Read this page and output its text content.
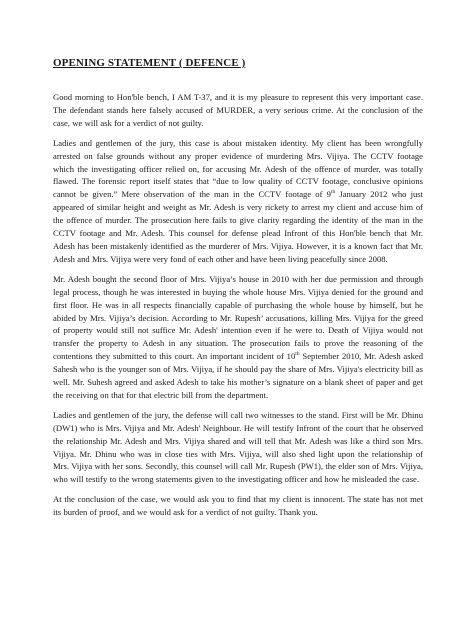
OPENING STATEMENT ( DEFENCE )

Good morning to Hon'ble bench, I AM T-37, and it is my pleasure to represent this very important case. The defendant stands here falsely accused of MURDER, a very serious crime. At the conclusion of the case, we will ask for a verdict of not guilty.

Ladies and gentlemen of the jury, this case is about mistaken identity. My client has been wrongfully arrested on false grounds without any proper evidence of murdering Mrs. Vijiya. The CCTV footage which the investigating officer relied on, for accusing Mr. Adesh of the offence of murder, was totally flawed. The forensic report itself states that “due to low quality of CCTV footage, conclusive opinions cannot be given.” Mere observation of the man in the CCTV footage of 9th January 2012 who just appeared of similar height and weight as Mr. Adesh is very rickety to arrest my client and accuse him of the offence of murder. The prosecution here fails to give clarity regarding the identity of the man in the CCTV footage and Mr. Adesh. This counsel for defense plead Infront of this Hon'ble bench that Mr. Adesh has been mistakenly identified as the murderer of Mrs. Vijiya. However, it is a known fact that Mr. Adesh and Mrs. Vijiya were very fond of each other and have been living peacefully since 2008.

Mr. Adesh bought the second floor of Mrs. Vijiya’s house in 2010 with her due permission and through legal process, though he was interested in buying the whole house Mrs. Vijiya denied for the ground and first floor. He was in all respects financially capable of purchasing the whole house by himself, but he abided by Mrs. Vijiya’s decision. According to Mr. Rupesh’ accusations, killing Mrs. Vijiya for the greed of property would still not suffice Mr. Adesh' intention even if he were to. Death of Vijiya would not transfer the property to Adesh in any situation. The prosecution fails to prove the reasoning of the contentions they submitted to this court. An important incident of 10th September 2010, Mr. Adesh asked Sahesh who is the younger son of Mrs. Vijiya, if he should pay the share of Mrs. Vijiya's electricity bill as well. Mr. Suhesh agreed and asked Adesh to take his mother’s signature on a blank sheet of paper and get the receiving on that for that electric bill from the department.

Ladies and gentlemen of the jury, the defense will call two witnesses to the stand. First will be Mr. Dhinu (DW1) who is Mrs. Vijiya and Mr. Adesh' Neighbour. He will testify Infront of the court that he observed the relationship Mr. Adesh and Mrs. Vijiya shared and will tell that Mr. Adesh was like a third son Mrs. Vijiya. Mr. Dhinu who was in close ties with Mrs. Vijiya, will also shed light upon the relationship of Mrs. Vijiya with her sons. Secondly, this counsel will call Mr. Rupesh (PW1), the elder son of Mrs. Vijiya, who will testify to the wrong statements given to the investigating officer and how he misleaded the case.

At the conclusion of the case, we would ask you to find that my client is innocent. The state has not met its burden of proof, and we would ask for a verdict of not guilty. Thank you.
